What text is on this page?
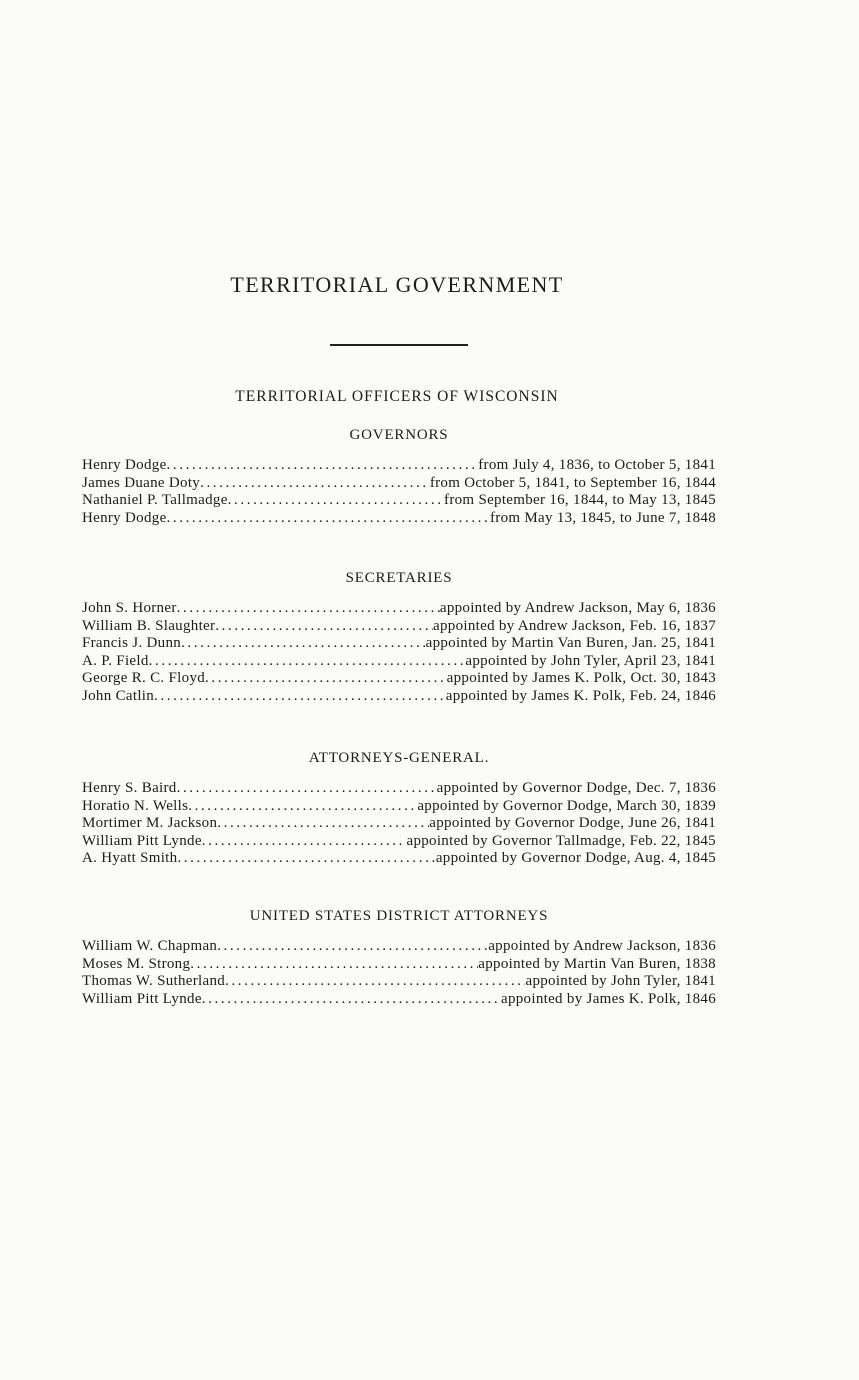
TERRITORIAL GOVERNMENT
TERRITORIAL OFFICERS OF WISCONSIN
GOVERNORS
Henry Dodge .....	from July 4, 1836, to October 5, 1841
James Duane Doty .....	from October 5, 1841, to September 16, 1844
Nathaniel P. Tallmadge .....	from September 16, 1844, to May 13, 1845
Henry Dodge .....	from May 13, 1845, to June 7, 1848
SECRETARIES
John S. Horner .....	appointed by Andrew Jackson, May 6, 1836
William B. Slaughter .....	appointed by Andrew Jackson, Feb. 16, 1837
Francis J. Dunn .....	appointed by Martin Van Buren, Jan. 25, 1841
A. P. Field .....	appointed by John Tyler, April 23, 1841
George R. C. Floyd .....	appointed by James K. Polk, Oct. 30, 1843
John Catlin .....	appointed by James K. Polk, Feb. 24, 1846
ATTORNEYS-GENERAL.
Henry S. Baird .....	appointed by Governor Dodge, Dec. 7, 1836
Horatio N. Wells .....	appointed by Governor Dodge, March 30, 1839
Mortimer M. Jackson .....	appointed by Governor Dodge, June 26, 1841
William Pitt Lynde .....	appointed by Governor Tallmadge, Feb. 22, 1845
A. Hyatt Smith .....	appointed by Governor Dodge, Aug. 4, 1845
UNITED STATES DISTRICT ATTORNEYS
William W. Chapman .....	appointed by Andrew Jackson, 1836
Moses M. Strong .....	appointed by Martin Van Buren, 1838
Thomas W. Sutherland .....	appointed by John Tyler, 1841
William Pitt Lynde .....	appointed by James K. Polk, 1846
